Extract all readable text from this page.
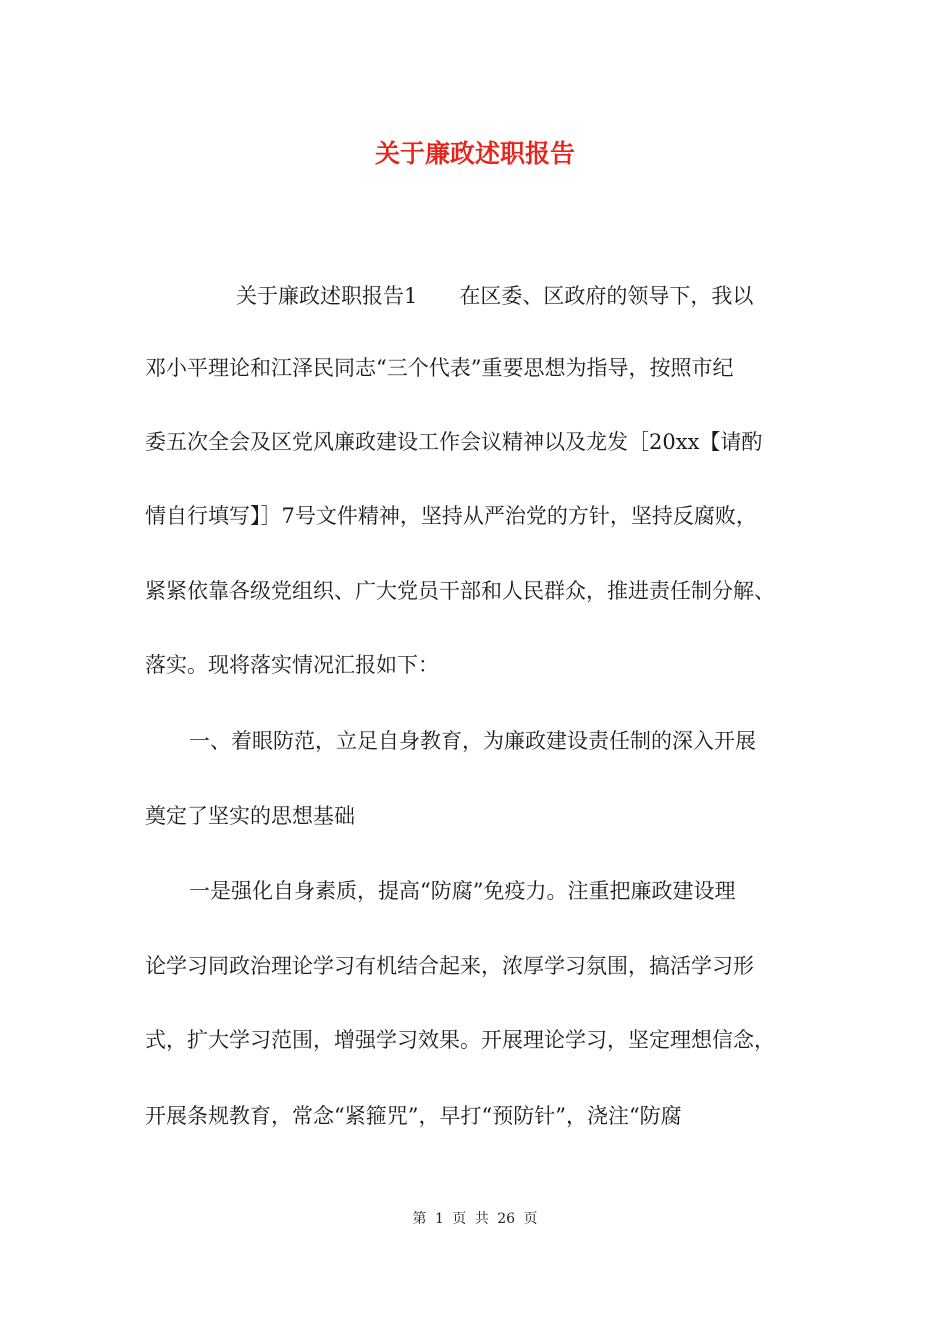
关于廉政述职报告
关于廉政述职报告1　　在区委、区政府的领导下，我以
邓小平理论和江泽民同志“三个代表”重要思想为指导，按照市纪
委五次全会及区党风廉政建设工作会议精神以及龙发［20xx【请酌
情自行填写】］7号文件精神，坚持从严治党的方针，坚持反腐败，
紧紧依靠各级党组织、广大党员干部和人民群众，推进责任制分解、
落实。现将落实情况汇报如下：
一、着眼防范，立足自身教育，为廉政建设责任制的深入开展
奠定了坚实的思想基础
一是强化自身素质，提高“防腐”免疫力。注重把廉政建设理
论学习同政治理论学习有机结合起来，浓厚学习氛围，搞活学习形
式，扩大学习范围，增强学习效果。开展理论学习，坚定理想信念，
开展条规教育，常念“紧箍咒”，早打“预防针”，浇注“防腐
第 1 页 共 26 页
